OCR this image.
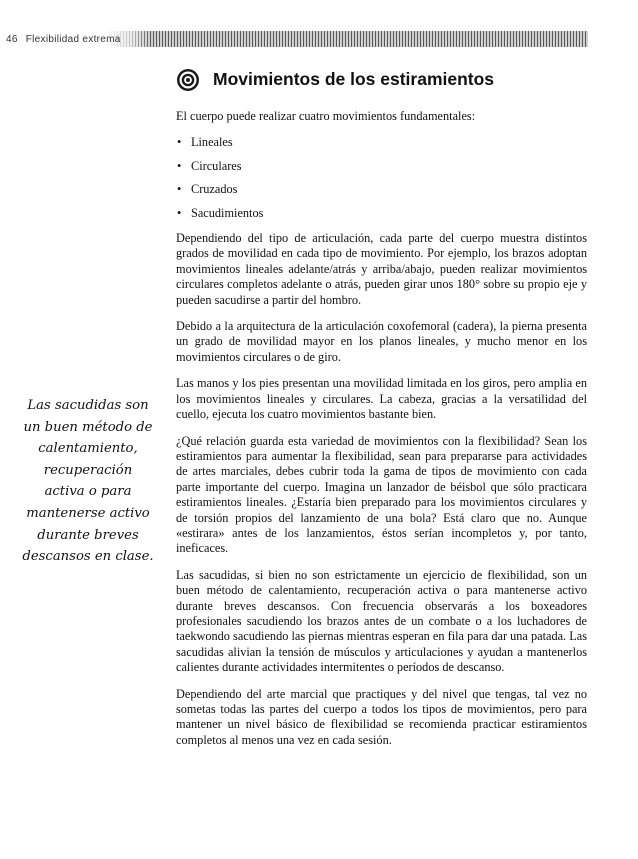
46 Flexibilidad extrema
Las sacudidas son un buen método de calentamiento, recuperación activa o para mantenerse activo durante breves descansos en clase.
Movimientos de los estiramientos

El cuerpo puede realizar cuatro movimientos fundamentales:

• Lineales
• Circulares
• Cruzados
• Sacudimientos

Dependiendo del tipo de articulación, cada parte del cuerpo muestra distintos grados de movilidad en cada tipo de movimiento. Por ejemplo, los brazos adoptan movimientos lineales adelante/atrás y arriba/abajo, pueden realizar movimientos circulares completos adelante o atrás, pueden girar unos 180° sobre su propio eje y pueden sacudirse a partir del hombro.

Debido a la arquitectura de la articulación coxofemoral (cadera), la pierna presenta un grado de movilidad mayor en los planos lineales, y mucho menor en los movimientos circulares o de giro.

Las manos y los pies presentan una movilidad limitada en los giros, pero amplia en los movimientos lineales y circulares. La cabeza, gracias a la versatilidad del cuello, ejecuta los cuatro movimientos bastante bien.

¿Qué relación guarda esta variedad de movimientos con la flexibilidad? Sean los estiramientos para aumentar la flexibilidad, sean para prepararse para actividades de artes marciales, debes cubrir toda la gama de tipos de movimiento con cada parte importante del cuerpo. Imagina un lanzador de béisbol que sólo practicara estiramientos lineales. ¿Estaría bien preparado para los movimientos circulares y de torsión propios del lanzamiento de una bola? Está claro que no. Aunque «estirara» antes de los lanzamientos, éstos serían incompletos y, por tanto, ineficaces.

Las sacudidas, si bien no son estrictamente un ejercicio de flexibilidad, son un buen método de calentamiento, recuperación activa o para mantenerse activo durante breves descansos. Con frecuencia observarás a los boxeadores profesionales sacudiendo los brazos antes de un combate o a los luchadores de taekwondo sacudiendo las piernas mientras esperan en fila para dar una patada. Las sacudidas alivian la tensión de músculos y articulaciones y ayudan a mantenerlos calientes durante actividades intermitentes o períodos de descanso.

Dependiendo del arte marcial que practiques y del nivel que tengas, tal vez no sometas todas las partes del cuerpo a todos los tipos de movimientos, pero para mantener un nivel básico de flexibilidad se recomienda practicar estiramientos completos al menos una vez en cada sesión.
